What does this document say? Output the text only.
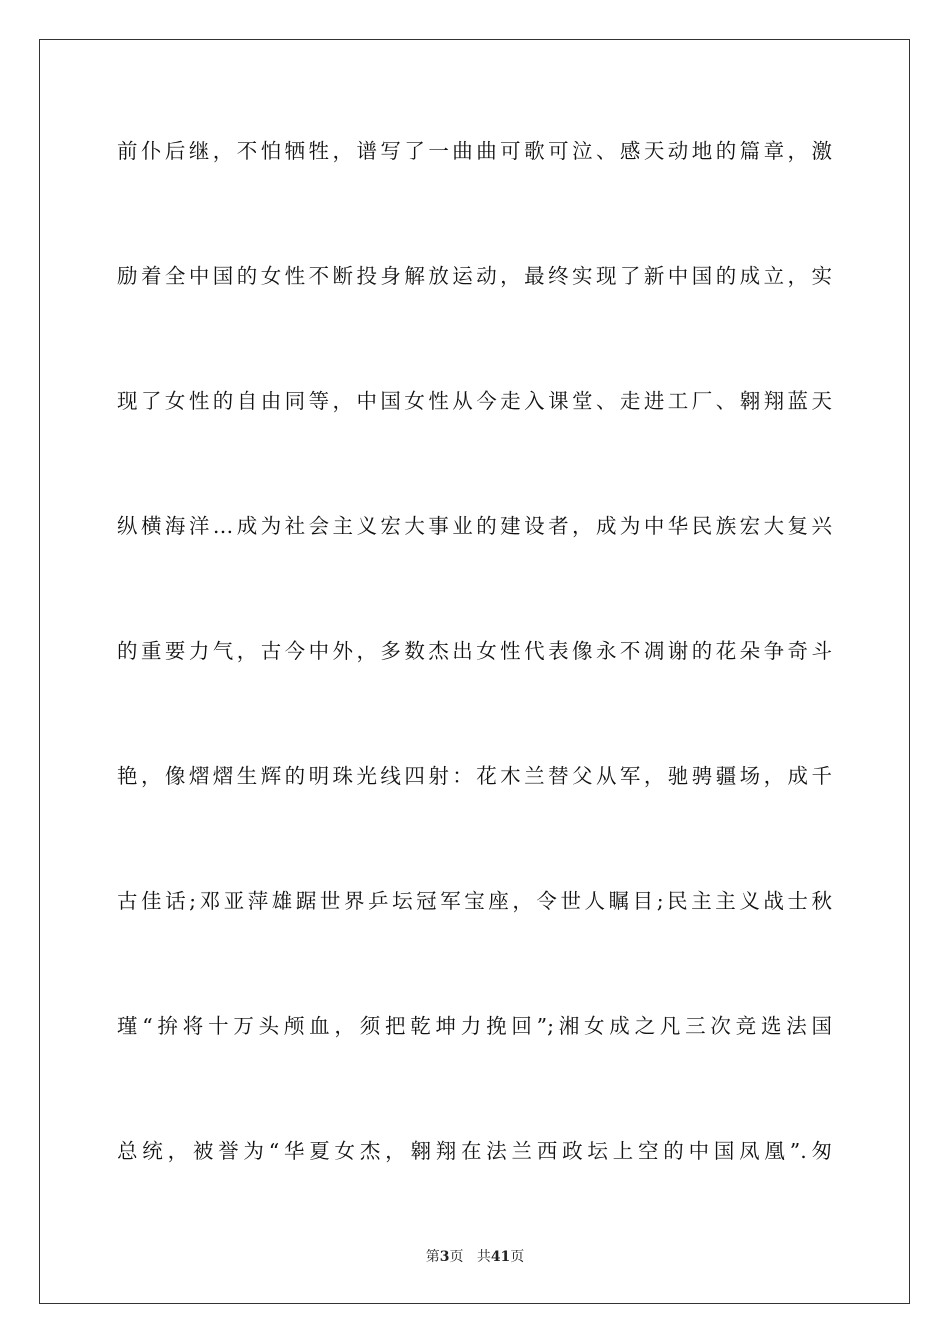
前仆后继，不怕牺牲，谱写了一曲曲可歌可泣、感天动地的篇章，激
励着全中国的女性不断投身解放运动，最终实现了新中国的成立，实
现了女性的自由同等，中国女性从今走入课堂、走进工厂、翱翔蓝天
纵横海洋…成为社会主义宏大事业的建设者，成为中华民族宏大复兴
的重要力气，古今中外，多数杰出女性代表像永不凋谢的花朵争奇斗
艳，像熠熠生辉的明珠光线四射：花木兰替父从军，驰骋疆场，成千
古佳话;邓亚萍雄踞世界乒坛冠军宝座，令世人瞩目;民主主义战士秋
瑾“拚将十万头颅血，须把乾坤力挽回”;湘女成之凡三次竞选法国
总统，被誉为“华夏女杰，翱翔在法兰西政坛上空的中国凤凰”.匆
第3页 共41页
